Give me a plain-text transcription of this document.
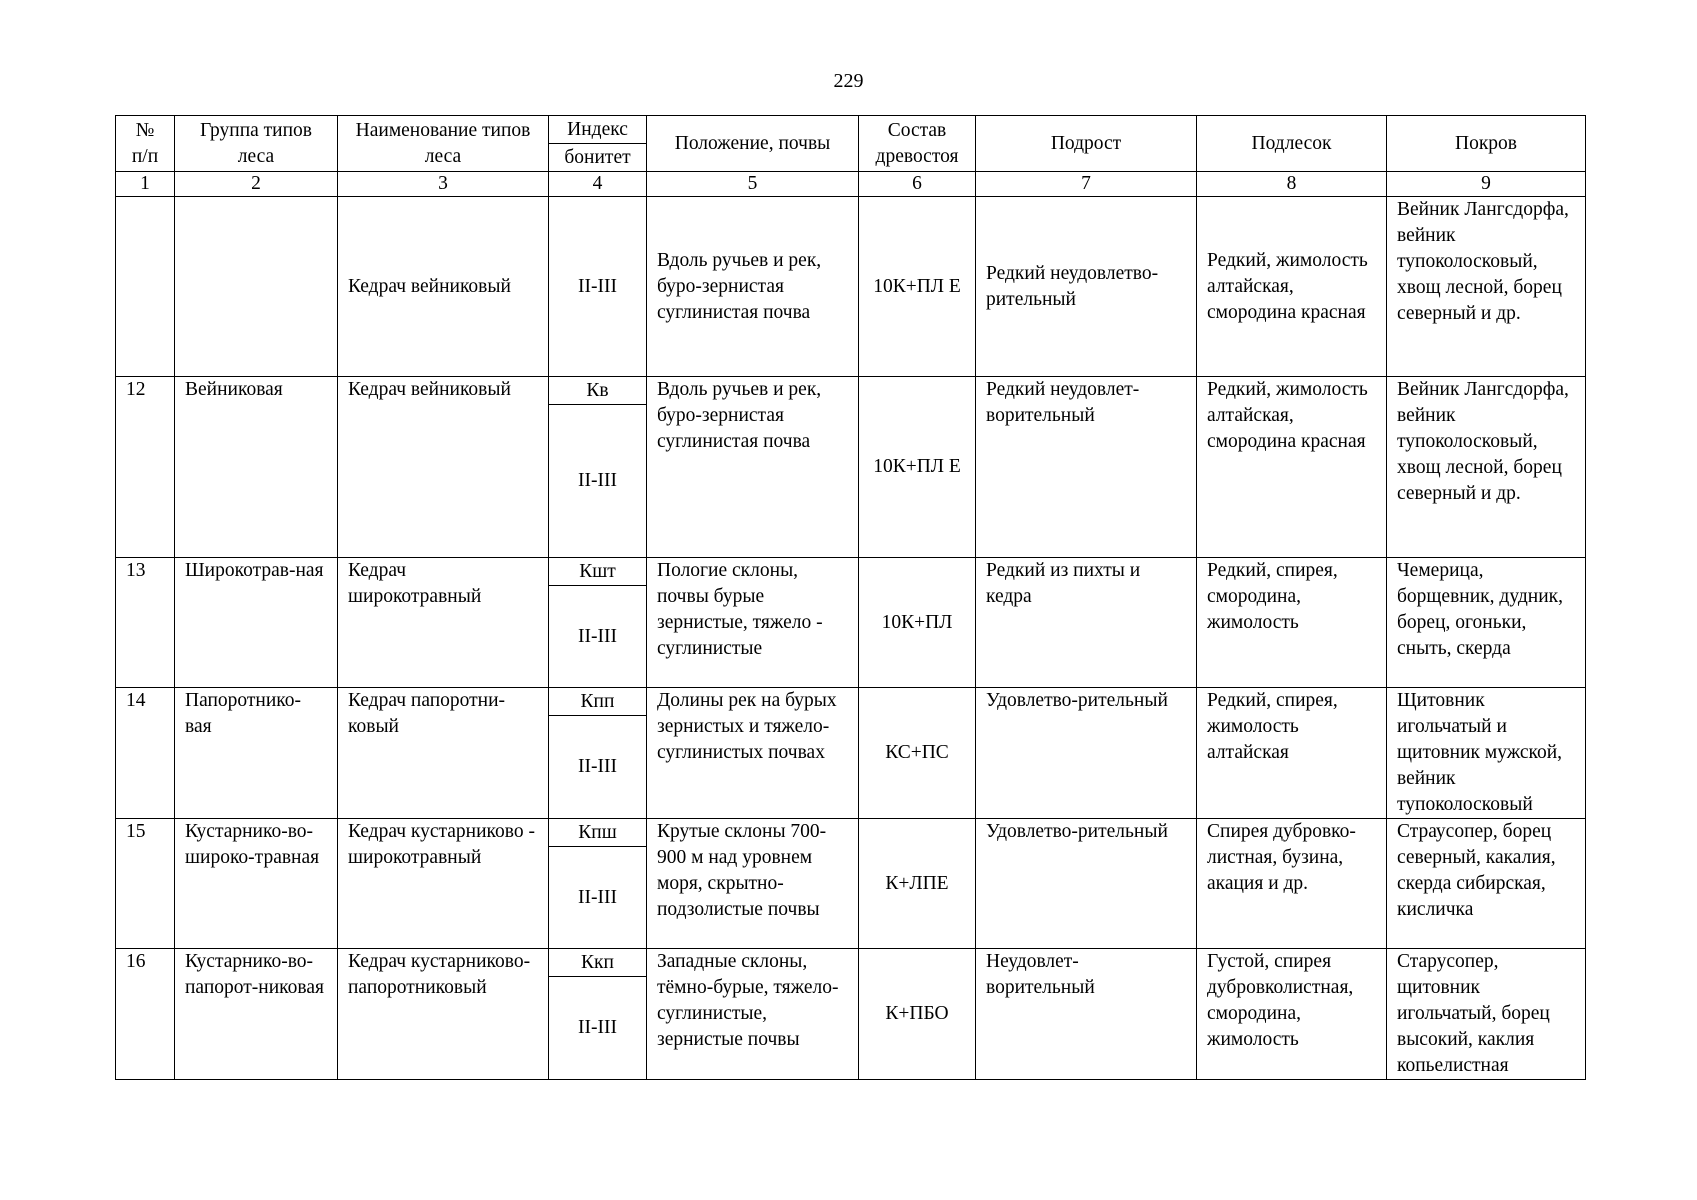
229
№ п/п	Группа типов леса	Наименование типов леса	Индекс	Положение, почвы	Состав древостоя	Подрост	Подлесок	Покров
			бонитет					
1	2	3	4	5	6	7	8	9
		Кедрач вейниковый	II-III	Вдоль ручьев и рек, буро-зернистая суглинистая почва	10К+ПЛ Е	Редкий неудовлетво-рительный	Редкий, жимолость алтайская, смородина красная	Вейник Лангсдорфа, вейник тупоколосковый, хвощ лесной, борец северный и др.
12	Вейниковая	Кедрач вейниковый	Кв	Вдоль ручьев и рек, буро-зернистая суглинистая почва	10К+ПЛ Е	Редкий неудовлет-ворительный	Редкий, жимолость алтайская, смородина красная	Вейник Лангсдорфа, вейник тупоколосковый, хвощ лесной, борец северный и др.
			II-III					
13	Широкотрав-ная	Кедрач широкотравный	Кшт	Пологие склоны, почвы бурые зернистые, тяжело - суглинистые	10К+ПЛ	Редкий из пихты и кедра	Редкий, спирея, смородина, жимолость	Чемерица, борщевник, дудник, борец, огоньки, сныть, скерда
			II-III					
14	Папоротнико-вая	Кедрач папоротни-ковый	Кпп	Долины рек на бурых зернистых и тяжело-суглинистых почвах	КС+ПС	Удовлетво-рительный	Редкий, спирея, жимолость алтайская	Щитовник игольчатый и щитовник мужской, вейник тупоколосковый
			II-III					
15	Кустарнико-во-широко-травная	Кедрач кустарниково - широкотравный	Кпш	Крутые склоны 700-900 м над уровнем моря, скрытно-подзолистые почвы	К+ЛПЕ	Удовлетво-рительный	Спирея дубровко-листная, бузина, акация и др.	Страусопер, борец северный, какалия, скерда сибирская, кисличка
			II-III					
16	Кустарнико-во-папорот-никовая	Кедрач кустарниково-папоротниковый	Ккп	Западные склоны, тёмно-бурые, тяжело-суглинистые, зернистые почвы	К+ПБО	Неудовлет-ворительный	Густой, спирея дубровколистная, смородина, жимолость	Старусопер, щитовник игольчатый, борец высокий, каклия копьелистная
			II-III					
